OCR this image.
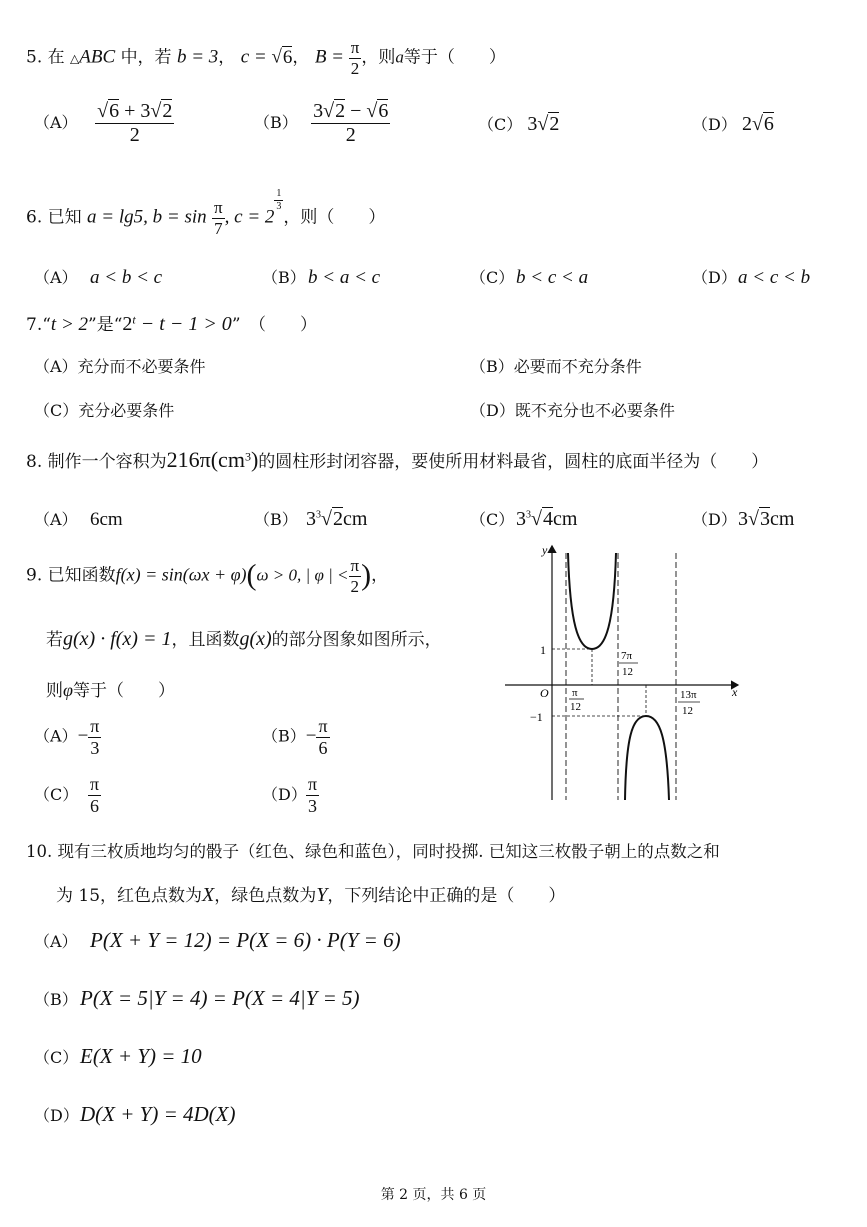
5. 在 △ABC 中，若 b = 3， c = √6， $B = \frac{\pi}{2}$ ，则a等于（　　）
$(A) \frac{√6 + 3√2}{2}$	$(B) \frac{3√2 - √6}{2}$	（C） 3√2	（D） 2√6
6. 已知 a = lg5, $b = \sin \frac{\pi}{7}$ , c = 2
$\frac{1}{3}$
，则（　　）
（A） a < b < c	（B） b < a < c	（C）b < c < a	（D）a < c < b
7.“t > 2”是“$2^t - t - 1 > 0$”　（　　）
（A）充分而不必要条件	（B）必要而不充分条件
（C）充分必要条件	（D）既不充分也不必要条件
8. 制作一个容积为$216\pi(cm^3)$的圆柱形封闭容器，要使所用材料最省，圆柱的底面半径为（　　）
（A） 6cm	（B） $3^3√2cm$	$(C)3^3√4cm$	（D）3√3cm
9. 已知函数f(x) = sin(ωx + φ)(ω > 0, | φ | < $\frac{\pi}{2}$ )，
若g(x) · f(x) = 1，且函数g(x)的部分图象如图所示，
则φ等于（　　）
$(A)- \frac{\pi}{3}$	$(B)- \frac{\pi}{6}$
$(C) \frac{\pi}{6}$	$(D) \frac{\pi}{3}$
y
x
O
1
−1
π
12
7π
12
13π
12
10. 现有三枚质地均匀的骰子（红色、绿色和蓝色），同时投掷. 已知这三枚骰子朝上的点数之和
为 15，红色点数为X，绿色点数为Y，下列结论中正确的是（　　）
（A） P(X + Y = 12) = P(X = 6) · P(Y = 6)
（B） P(X = 5|Y = 4) = P(X = 4|Y = 5)
（C）E(X + Y) = 10
（D）D(X + Y) = 4D(X)
第 2 页，共 6 页
